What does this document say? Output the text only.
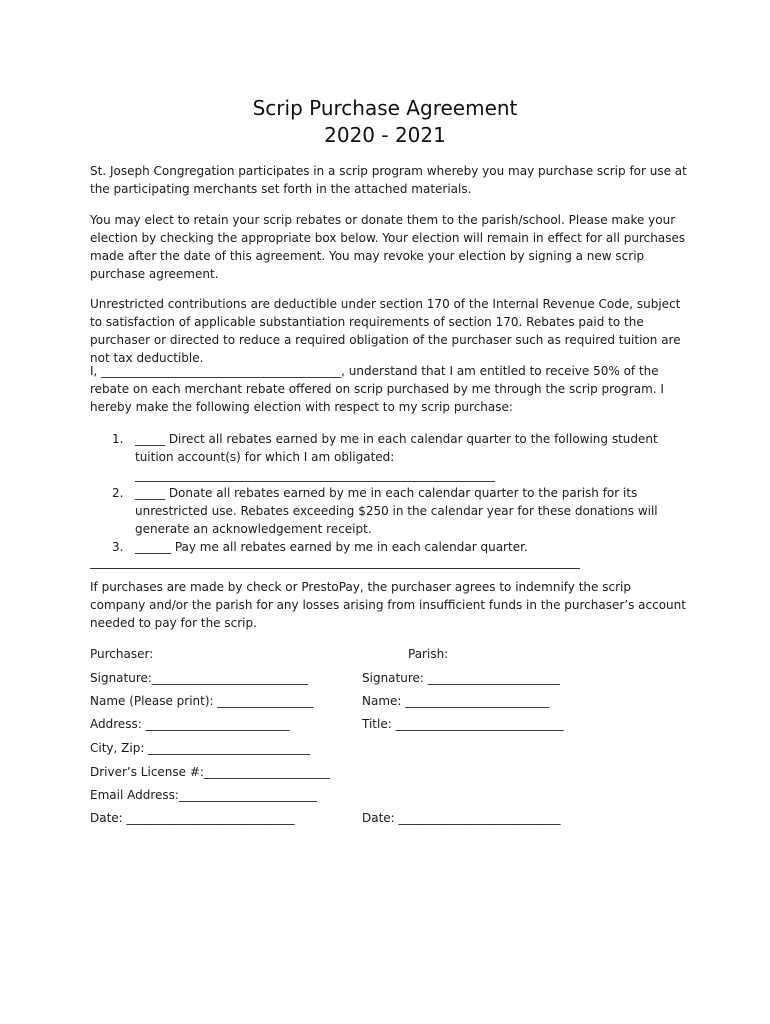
Scrip Purchase Agreement
2020 - 2021
St. Joseph Congregation participates in a scrip program whereby you may purchase scrip for use at the participating merchants set forth in the attached materials.
You may elect to retain your scrip rebates or donate them to the parish/school. Please make your election by checking the appropriate box below. Your election will remain in effect for all purchases made after the date of this agreement. You may revoke your election by signing a new scrip purchase agreement.
Unrestricted contributions are deductible under section 170 of the Internal Revenue Code, subject to satisfaction of applicable substantiation requirements of section 170. Rebates paid to the purchaser or directed to reduce a required obligation of the purchaser such as required tuition are not tax deductible.
I, ________________________________________, understand that I am entitled to receive 50% of the rebate on each merchant rebate offered on scrip purchased by me through the scrip program. I hereby make the following election with respect to my scrip purchase:
1. _____ Direct all rebates earned by me in each calendar quarter to the following student tuition account(s) for which I am obligated:
____________________________________________________________
2. _____ Donate all rebates earned by me in each calendar quarter to the parish for its unrestricted use. Rebates exceeding $250 in the calendar year for these donations will generate an acknowledgement receipt.
3. ______ Pay me all rebates earned by me in each calendar quarter.
If purchases are made by check or PrestoPay, the purchaser agrees to indemnify the scrip company and/or the parish for any losses arising from insufficient funds in the purchaser’s account needed to pay for the scrip.
Purchaser:
Signature:__________________________
Name (Please print): ________________
Address: ________________________
City, Zip: ___________________________
Driver’s License #:_____________________
Email Address:_______________________
Date: ____________________________
Parish:
Signature: ______________________
Name: ________________________
Title: ____________________________
Date: ___________________________
